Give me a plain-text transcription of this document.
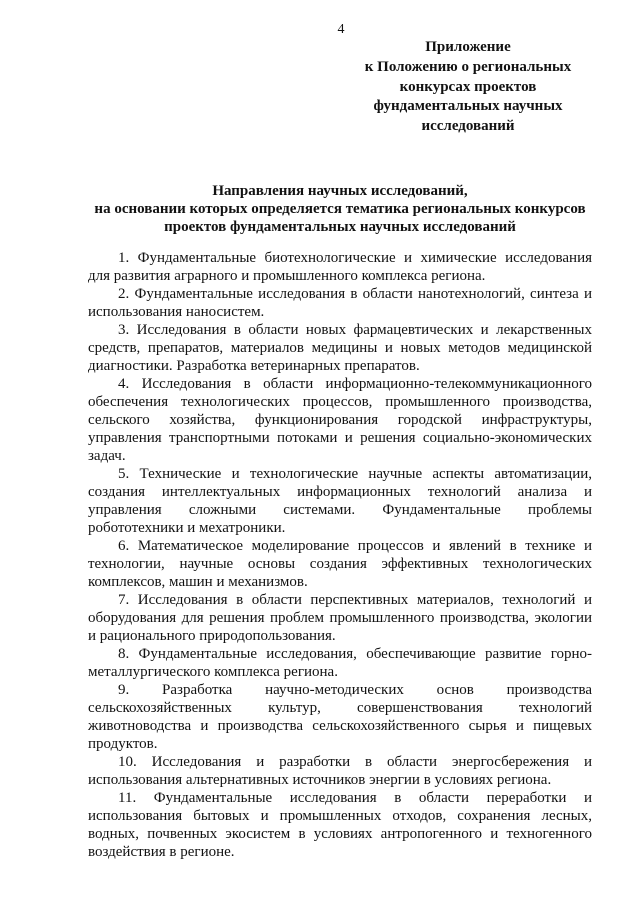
4
Приложение
к Положению о региональных
конкурсах проектов
фундаментальных научных
исследований
Направления научных исследований,
на основании которых определяется тематика региональных конкурсов
проектов фундаментальных научных исследований

1. Фундаментальные биотехнологические и химические исследования для развития аграрного и промышленного комплекса региона.

2. Фундаментальные исследования в области нанотехнологий, синтеза и использования наносистем.

3. Исследования в области новых фармацевтических и лекарственных средств, препаратов, материалов медицины и новых методов медицинской диагностики. Разработка ветеринарных препаратов.

4. Исследования в области информационно-телекоммуникационного обеспечения технологических процессов, промышленного производства, сельского хозяйства, функционирования городской инфраструктуры, управления транспортными потоками и решения социально-экономических задач.

5. Технические и технологические научные аспекты автоматизации, создания интеллектуальных информационных технологий анализа и управления сложными системами. Фундаментальные проблемы робототехники и мехатроники.

6. Математическое моделирование процессов и явлений в технике и технологии, научные основы создания эффективных технологических комплексов, машин и механизмов.

7. Исследования в области перспективных материалов, технологий и оборудования для решения проблем промышленного производства, экологии и рационального природопользования.

8. Фундаментальные исследования, обеспечивающие развитие горно-металлургического комплекса региона.

9. Разработка научно-методических основ производства сельскохозяйственных культур, совершенствования технологий животноводства и производства сельскохозяйственного сырья и пищевых продуктов.

10. Исследования и разработки в области энергосбережения и использования альтернативных источников энергии в условиях региона.

11. Фундаментальные исследования в области переработки и использования бытовых и промышленных отходов, сохранения лесных, водных, почвенных экосистем в условиях антропогенного и техногенного воздействия в регионе.
